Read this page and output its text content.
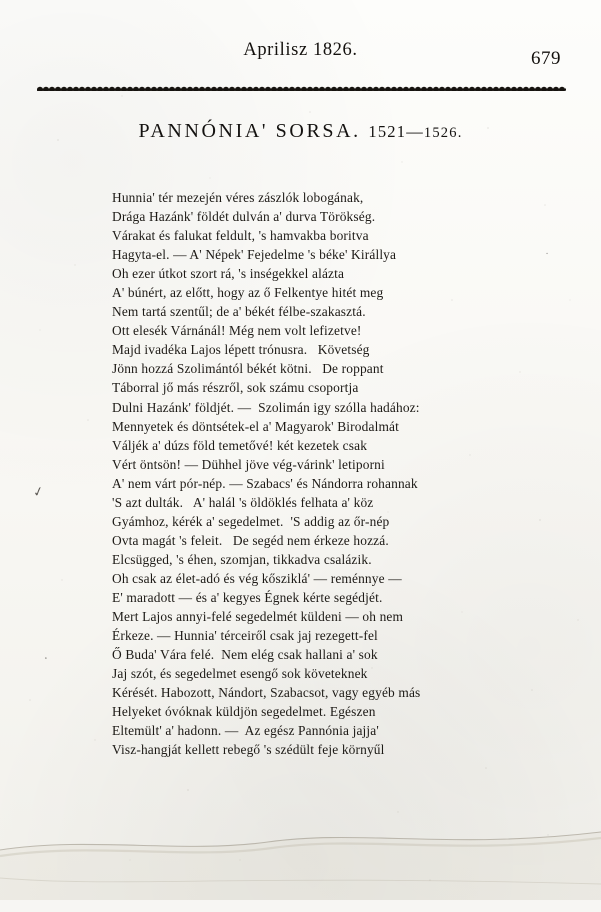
Aprilisz 1826.	679
PANNÓNIA' SORSA. 1521—1526.
Hunnia' tér mezején véres zászlók lobogának,
Drága Hazánk' földét dulván a' durva Törökség.
Várakat és falukat feldult, 's hamvakba boritva
Hagyta-el. — A' Népek' Fejedelme 's béke' Királlya
Oh ezer útkot szort rá, 's inségekkel alázta
A' búnért, az előtt, hogy az ő Felkentye hitét meg
Nem tartá szentűl; de a' békét félbe-szakasztá.
Ott elesék Várnánál! Még nem volt lefizetve!
Majd ivadéka Lajos lépett trónusra.   Követség
Jönn hozzá Szolimántól békét kötni.   De roppant
Táborral jő más részről, sok számu csoportja
Dulni Hazánk' földjét. —  Szolimán igy szólla hadához:
Mennyetek és döntsétek-el a' Magyarok' Birodalmát
Váljék a' dúzs föld temetővé! két kezetek csak
Vért öntsön! — Dühhel jöve vég-várink' letiporni
A' nem várt pór-nép. — Szabacs' és Nándorra rohannak
'S azt dulták.   A' halál 's öldöklés felhata a' köz
Gyámhoz, kérék a' segedelmet.  'S addig az őr-nép
Ovta magát 's feleit.   De segéd nem érkeze hozzá.
Elcsügged, 's éhen, szomjan, tikkadva csalázik.
Oh csak az élet-adó és vég kősziklá' — reménnye —
E' maradott — és a' kegyes Égnek kérte segédjét.
Mert Lajos annyi-felé segedelmét küldeni — oh nem
Érkeze. — Hunnia' térceiről csak jaj rezegett-fel
Ő Buda' Vára felé.  Nem elég csak hallani a' sok
Jaj szót, és segedelmet esengő sok követeknek
Kérését. Habozott, Nándort, Szabacsot, vagy egyéb más
Helyeket óvóknak küldjön segedelmet. Egészen
Eltemült' a' hadonn. —  Az egész Pannónia jajja'
Visz-hangját kellett rebegő 's szédült feje környűl
✓
·
·
